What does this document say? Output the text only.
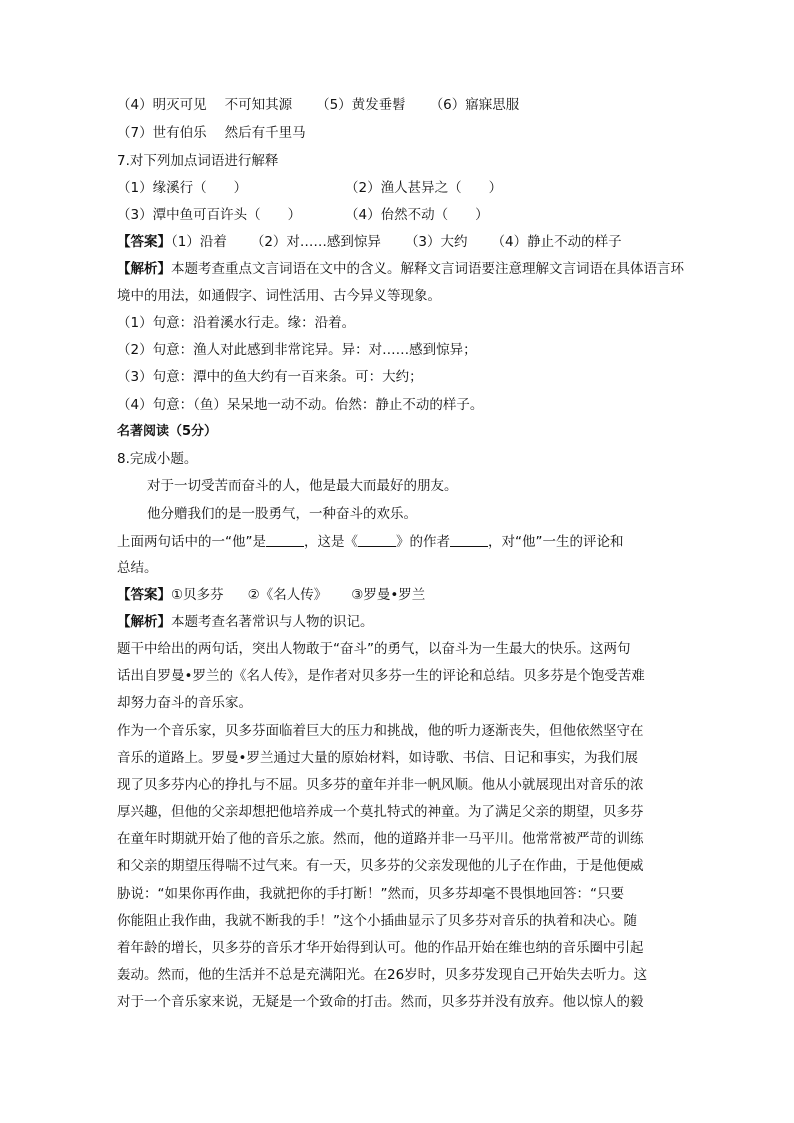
（4）明灭可见 不可知其源 （5）黄发垂髫 （6）寤寐思服
（7）世有伯乐 然后有千里马
7.对下列加点词语进行解释
（1）缘溪行（　　）	（2）渔人甚异之（　　）
（3）潭中鱼可百许头（　　）	（4）佁然不动（　　）
【答案】（1）沿着 （2）对……感到惊异 （3）大约 （4）静止不动的样子
【解析】本题考查重点文言词语在文中的含义。解释文言词语要注意理解文言词语在具体语言环
境中的用法，如通假字、词性活用、古今异义等现象。
（1）句意：沿着溪水行走。缘：沿着。
（2）句意：渔人对此感到非常诧异。异：对……感到惊异；
（3）句意：潭中的鱼大约有一百来条。可：大约；
（4）句意：（鱼）呆呆地一动不动。佁然：静止不动的样子。
名著阅读（5分）
8.完成小题。
对于一切受苦而奋斗的人，他是最大而最好的朋友。
他分赠我们的是一股勇气，一种奋斗的欢乐。
上面两句话中的一“他”是	，这是《	》的作者	，对“他”一生的评论和
总结。
【答案】①贝多芬 ②《名人传》 ③罗曼•罗兰
【解析】本题考查名著常识与人物的识记。
题干中给出的两句话，突出人物敢于“奋斗”的勇气，以奋斗为一生最大的快乐。这两句
话出自罗曼•罗兰的《名人传》，是作者对贝多芬一生的评论和总结。贝多芬是个饱受苦难
却努力奋斗的音乐家。
作为一个音乐家，贝多芬面临着巨大的压力和挑战，他的听力逐渐丧失，但他依然坚守在
音乐的道路上。罗曼•罗兰通过大量的原始材料，如诗歌、书信、日记和事实，为我们展
现了贝多芬内心的挣扎与不屈。贝多芬的童年并非一帆风顺。他从小就展现出对音乐的浓
厚兴趣，但他的父亲却想把他培养成一个莫扎特式的神童。为了满足父亲的期望，贝多芬
在童年时期就开始了他的音乐之旅。然而，他的道路并非一马平川。他常常被严苛的训练
和父亲的期望压得喘不过气来。有一天，贝多芬的父亲发现他的儿子在作曲，于是他便威
胁说：“如果你再作曲，我就把你的手打断！”然而，贝多芬却毫不畏惧地回答：“只要
你能阻止我作曲，我就不断我的手！”这个小插曲显示了贝多芬对音乐的执着和决心。随
着年龄的增长，贝多芬的音乐才华开始得到认可。他的作品开始在维也纳的音乐圈中引起
轰动。然而，他的生活并不总是充满阳光。在26岁时，贝多芬发现自己开始失去听力。这
对于一个音乐家来说，无疑是一个致命的打击。然而，贝多芬并没有放弃。他以惊人的毅
